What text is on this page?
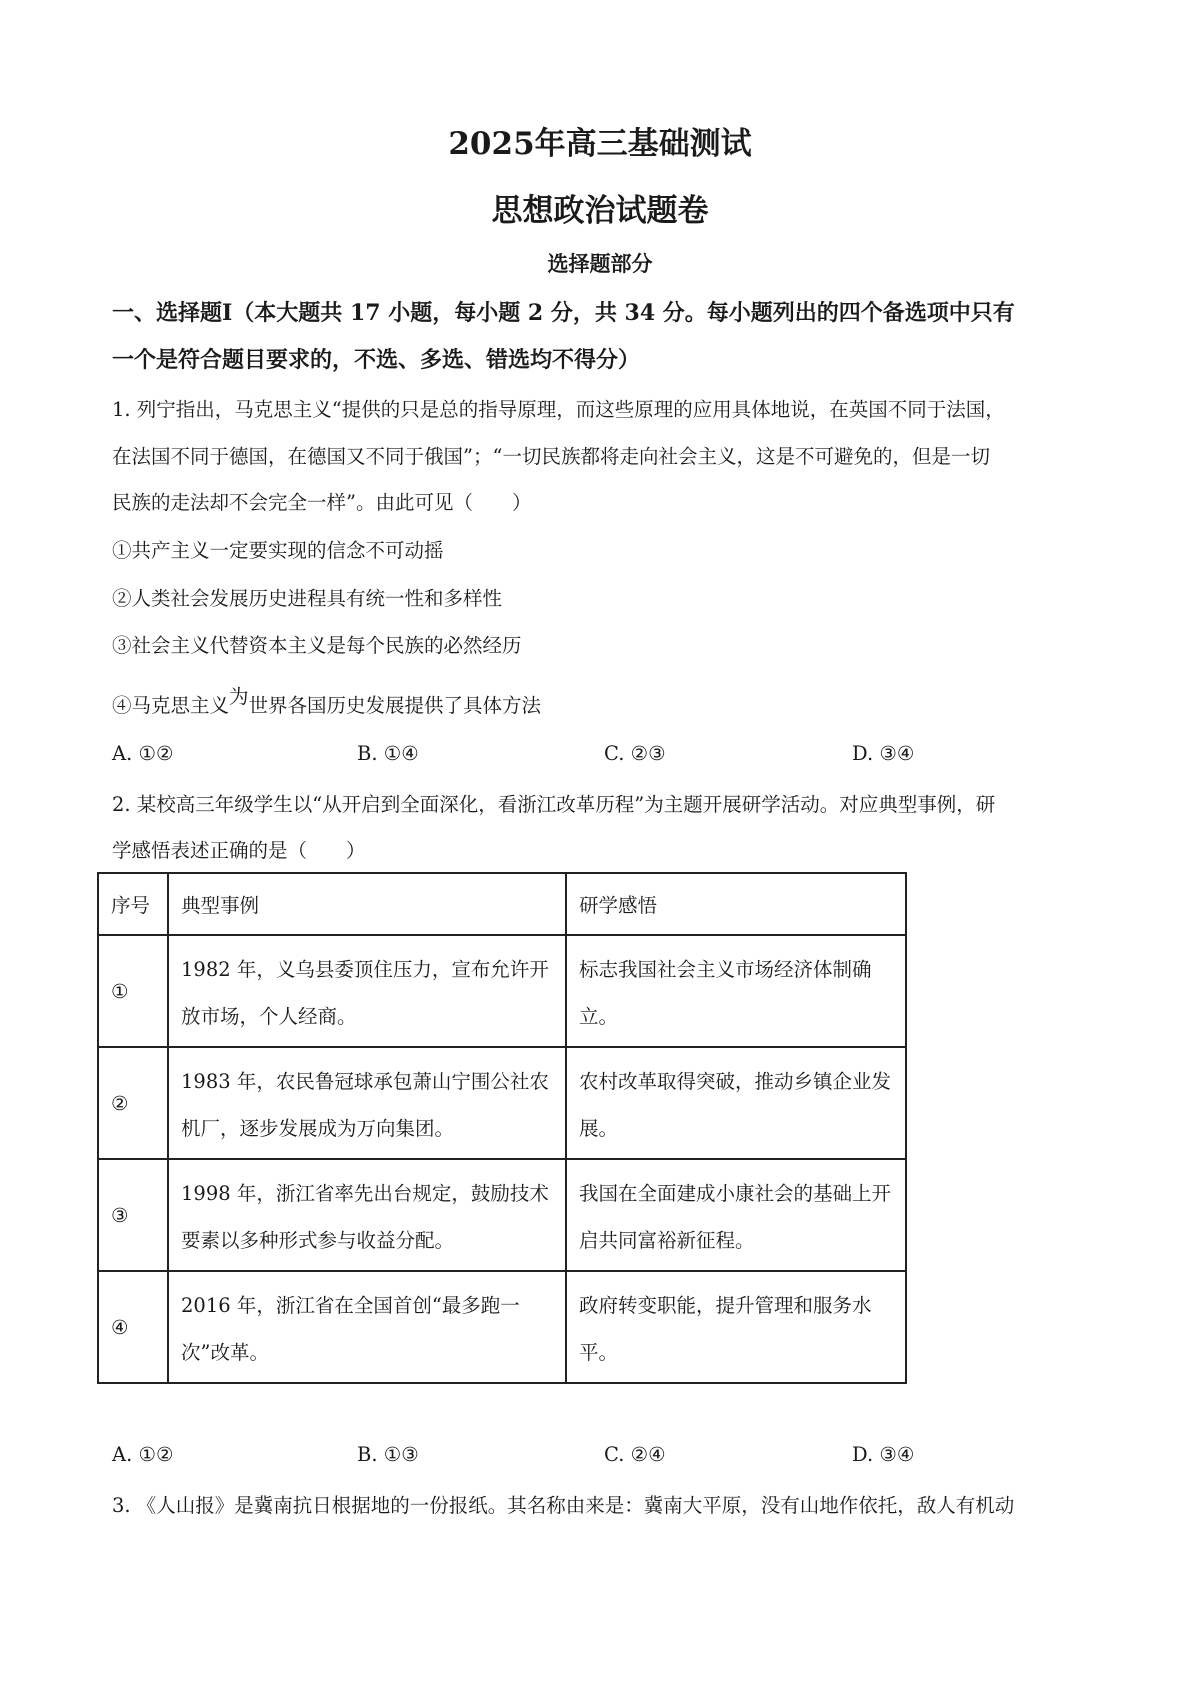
2025年高三基础测试
思想政治试题卷
选择题部分
一、选择题Ⅰ（本大题共 17 小题，每小题 2 分，共 34 分。每小题列出的四个备选项中只有
一个是符合题目要求的，不选、多选、错选均不得分）
1. 列宁指出，马克思主义“提供的只是总的指导原理，而这些原理的应用具体地说，在英国不同于法国，
在法国不同于德国，在德国又不同于俄国”；“一切民族都将走向社会主义，这是不可避免的，但是一切
民族的走法却不会完全一样”。由此可见（　　）
①共产主义一定要实现的信念不可动摇
②人类社会发展历史进程具有统一性和多样性
③社会主义代替资本主义是每个民族的必然经历
④马克思主义为世界各国历史发展提供了具体方法
A. ①②	B. ①④	C. ②③	D. ③④
2. 某校高三年级学生以“从开启到全面深化，看浙江改革历程”为主题开展研学活动。对应典型事例，研
学感悟表述正确的是（　　）
序号	典型事例	研学感悟
①	1982 年，义乌县委顶住压力，宣布允许开放市场，个人经商。	标志我国社会主义市场经济体制确立。

②	1983 年，农民鲁冠球承包萧山宁围公社农机厂，逐步发展成为万向集团。	农村改革取得突破，推动乡镇企业发展。

③	1998 年，浙江省率先出台规定，鼓励技术要素以多种形式参与收益分配。	我国在全面建成小康社会的基础上开启共同富裕新征程。

④	2016 年，浙江省在全国首创“最多跑一次”改革。	政府转变职能，提升管理和服务水平。
A. ①②	B. ①③	C. ②④	D. ③④
3. 《人山报》是冀南抗日根据地的一份报纸。其名称由来是：冀南大平原，没有山地作依托，敌人有机动
